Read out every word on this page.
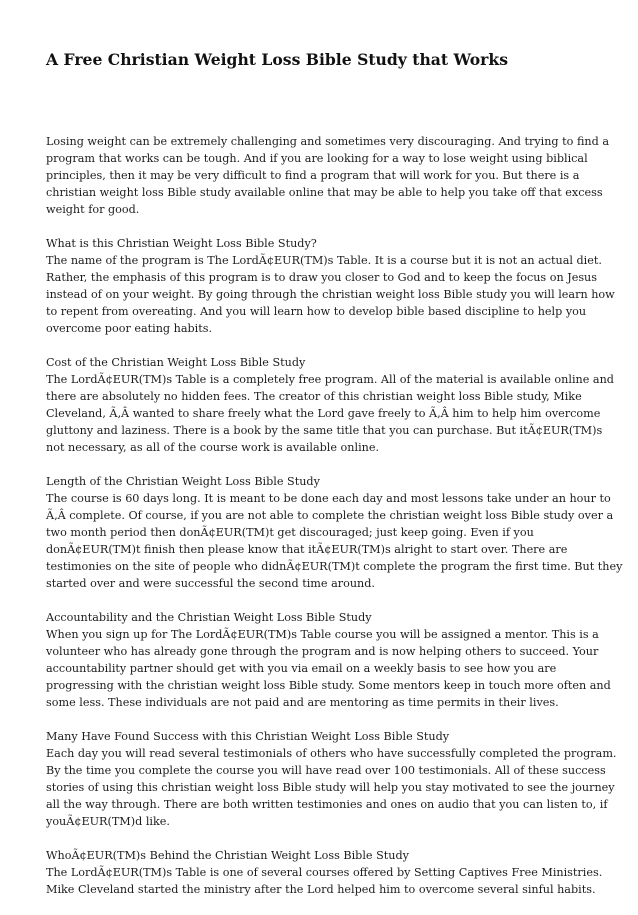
A Free Christian Weight Loss Bible Study that Works
Losing weight can be extremely challenging and sometimes very discouraging. And trying to find a
program that works can be tough. And if you are looking for a way to lose weight using biblical
principles, then it may be very difficult to find a program that will work for you. But there is a
christian weight loss Bible study available online that may be able to help you take off that excess
weight for good.
What is this Christian Weight Loss Bible Study?
The name of the program is The LordÃ¢EUR(TM)s Table. It is a course but it is not an actual diet.
Rather, the emphasis of this program is to draw you closer to God and to keep the focus on Jesus
instead of on your weight. By going through the christian weight loss Bible study you will learn how
to repent from overeating. And you will learn how to develop bible based discipline to help you
overcome poor eating habits.
Cost of the Christian Weight Loss Bible Study
The LordÃ¢EUR(TM)s Table is a completely free program. All of the material is available online and
there are absolutely no hidden fees. The creator of this christian weight loss Bible study, Mike
Cleveland, Ã‚Â wanted to share freely what the Lord gave freely to Ã‚Â him to help him overcome
gluttony and laziness. There is a book by the same title that you can purchase. But itÃ¢EUR(TM)s
not necessary, as all of the course work is available online.
Length of the Christian Weight Loss Bible Study
The course is 60 days long. It is meant to be done each day and most lessons take under an hour to
Ã‚Â complete. Of course, if you are not able to complete the christian weight loss Bible study over a
two month period then donÃ¢EUR(TM)t get discouraged; just keep going. Even if you
donÃ¢EUR(TM)t finish then please know that itÃ¢EUR(TM)s alright to start over. There are
testimonies on the site of people who didnÃ¢EUR(TM)t complete the program the first time. But they
started over and were successful the second time around.
Accountability and the Christian Weight Loss Bible Study
When you sign up for The LordÃ¢EUR(TM)s Table course you will be assigned a mentor. This is a
volunteer who has already gone through the program and is now helping others to succeed. Your
accountability partner should get with you via email on a weekly basis to see how you are
progressing with the christian weight loss Bible study. Some mentors keep in touch more often and
some less. These individuals are not paid and are mentoring as time permits in their lives.
Many Have Found Success with this Christian Weight Loss Bible Study
Each day you will read several testimonials of others who have successfully completed the program.
By the time you complete the course you will have read over 100 testimonials. All of these success
stories of using this christian weight loss Bible study will help you stay motivated to see the journey
all the way through. There are both written testimonies and ones on audio that you can listen to, if
youÃ¢EUR(TM)d like.
WhoÃ¢EUR(TM)s Behind the Christian Weight Loss Bible Study
The LordÃ¢EUR(TM)s Table is one of several courses offered by Setting Captives Free Ministries.
Mike Cleveland started the ministry after the Lord helped him to overcome several sinful habits.
